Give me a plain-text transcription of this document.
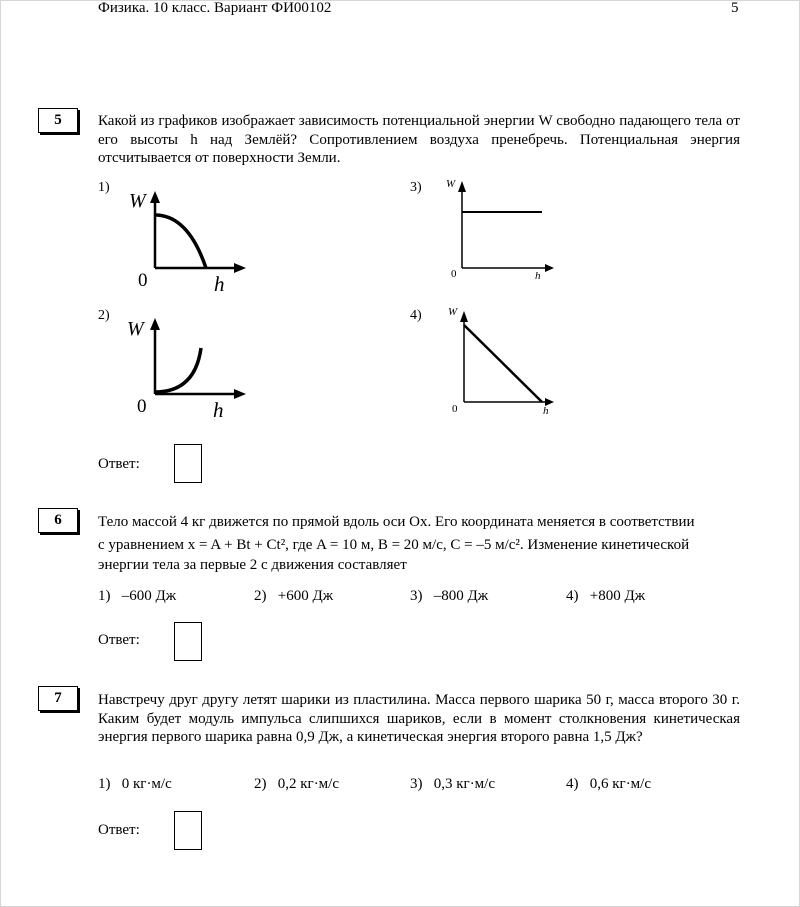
Физика. 10 класс. Вариант ФИ00102	5
5	Какой из графиков изображает зависимость потенциальной энергии W свободно падающего тела от его высоты h над Землёй? Сопротивлением воздуха пренебречь. Потенциальная энергия отсчитывается от поверхности Земли.
1)
W
0	h
3) W
0	h
2)
W
0	h
4) W
0	h
Ответ:
6	Тело массой 4 кг движется по прямой вдоль оси Ox. Его координата меняется в соответствии
с уравнением x = A + Bt + Ct², где A = 10 м, B = 20 м/с, C = –5 м/с². Изменение кинетической
энергии тела за первые 2 с движения составляет
1) –600 Дж	2) +600 Дж	3) –800 Дж	4) +800 Дж
Ответ:
7	Навстречу друг другу летят шарики из пластилина. Масса первого шарика 50 г, масса второго 30 г. Каким будет модуль импульса слипшихся шариков, если в момент столкновения кинетическая энергия первого шарика равна 0,9 Дж, а кинетическая энергия второго равна 1,5 Дж?
1) 0 кг·м/с	2) 0,2 кг·м/с	3) 0,3 кг·м/с	4) 0,6 кг·м/с
Ответ:
